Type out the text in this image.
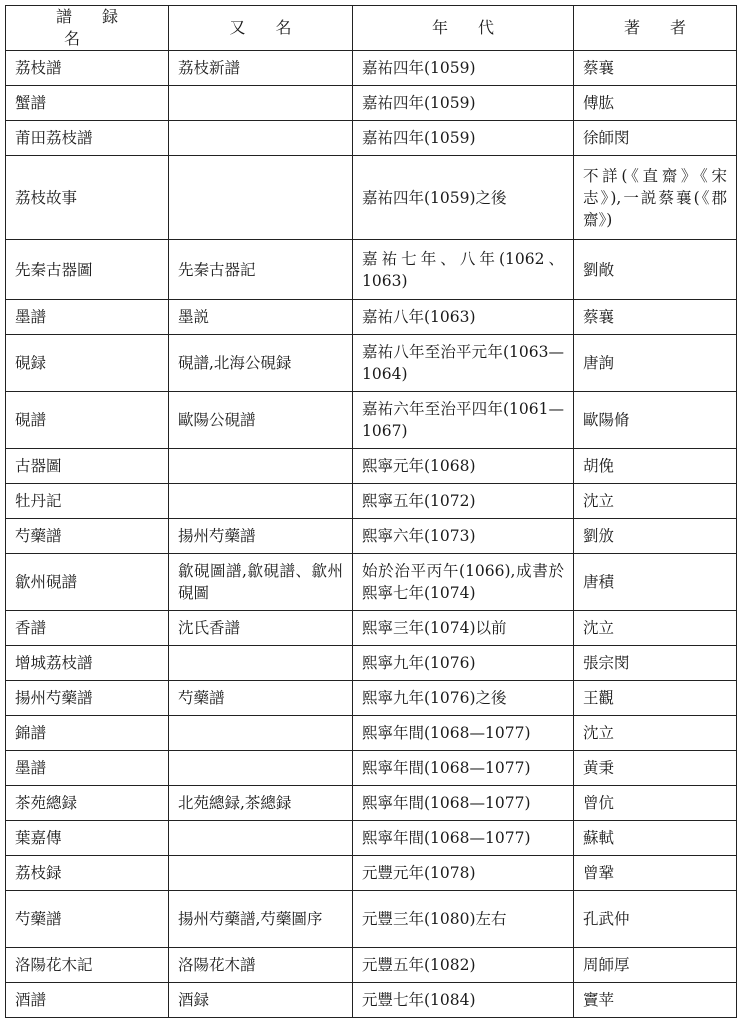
譜録名	又名	年代	著者
荔枝譜	荔枝新譜	嘉祐四年(1059)	蔡襄
蟹譜		嘉祐四年(1059)	傅肱
莆田荔枝譜		嘉祐四年(1059)	徐師閔
荔枝故事		嘉祐四年(1059)之後	不詳(《直齋》《宋志》),一説蔡襄(《郡齋》)
先秦古器圖	先秦古器記	嘉祐七年、八年(1062、1063)	劉敞
墨譜	墨説	嘉祐八年(1063)	蔡襄
硯録	硯譜,北海公硯録	嘉祐八年至治平元年(1063—1064)	唐詢
硯譜	歐陽公硯譜	嘉祐六年至治平四年(1061—1067)	歐陽脩
古器圖		熙寧元年(1068)	胡俛
牡丹記		熙寧五年(1072)	沈立
芍藥譜	揚州芍藥譜	熙寧六年(1073)	劉攽
歙州硯譜	歙硯圖譜,歙硯譜、歙州硯圖	始於治平丙午(1066),成書於熙寧七年(1074)	唐積
香譜	沈氏香譜	熙寧三年(1074)以前	沈立
增城荔枝譜		熙寧九年(1076)	張宗閔
揚州芍藥譜	芍藥譜	熙寧九年(1076)之後	王觀
錦譜		熙寧年間(1068—1077)	沈立
墨譜		熙寧年間(1068—1077)	黄秉
茶苑總録	北苑總録,茶總録	熙寧年間(1068—1077)	曾伉
葉嘉傳		熙寧年間(1068—1077)	蘇軾
荔枝録		元豐元年(1078)	曾鞏
芍藥譜	揚州芍藥譜,芍藥圖序	元豐三年(1080)左右	孔武仲
洛陽花木記	洛陽花木譜	元豐五年(1082)	周師厚
酒譜	酒録	元豐七年(1084)	竇苹
